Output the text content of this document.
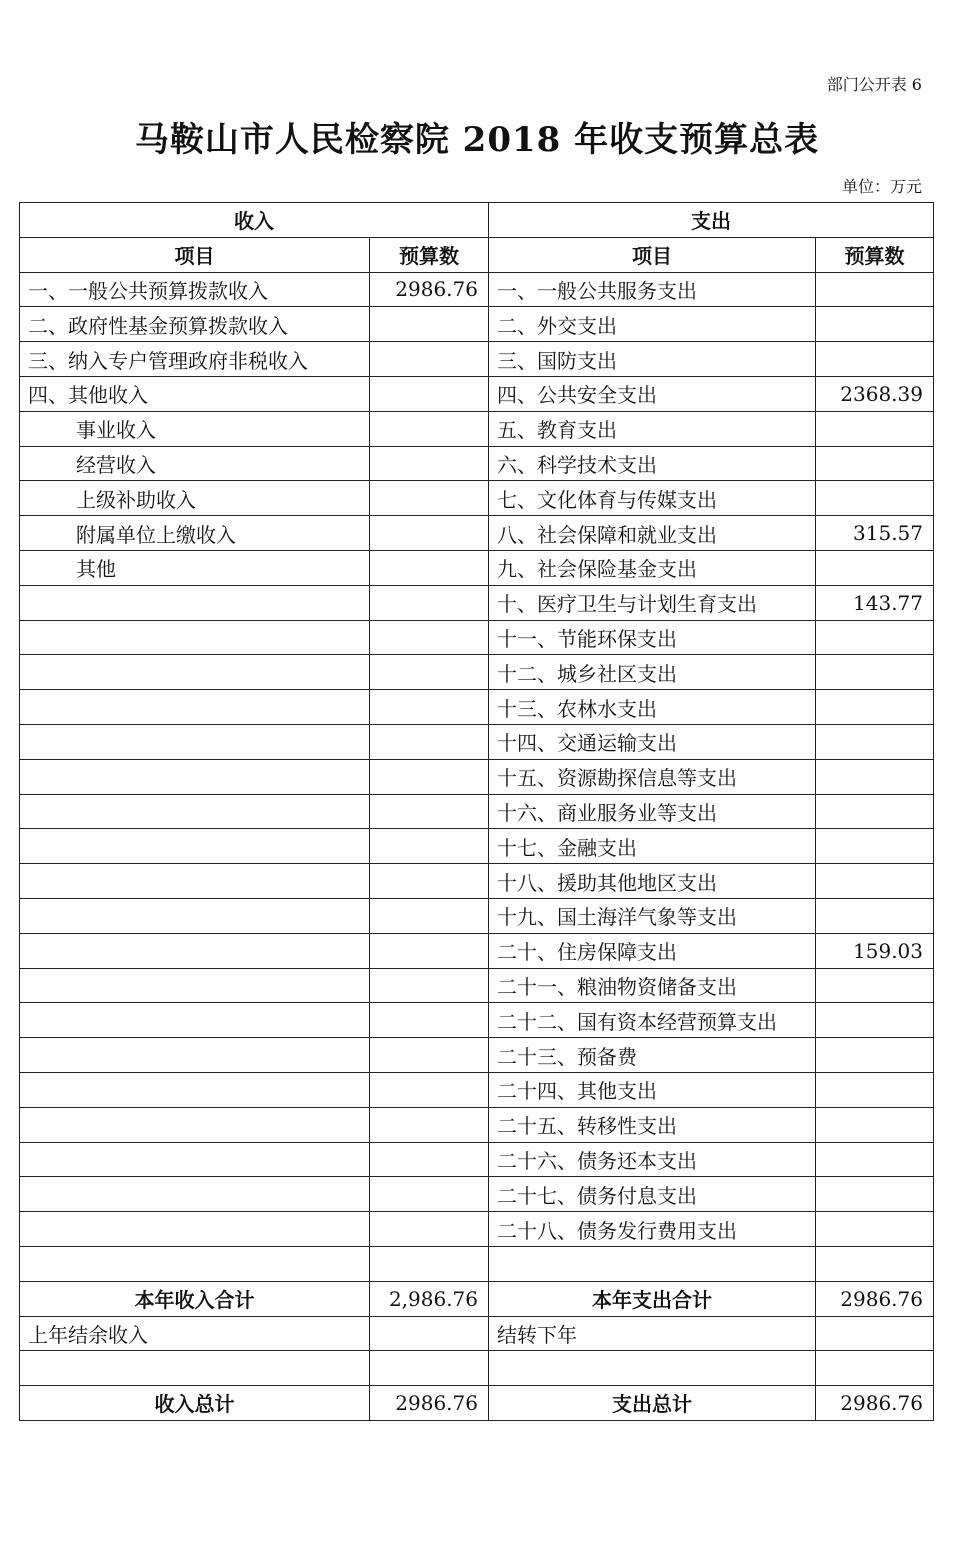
部门公开表 6
马鞍山市人民检察院 2018 年收支预算总表
单位：万元
收入		支出	
项目	预算数	项目	预算数
一、一般公共预算拨款收入	2986.76	一、一般公共服务支出	
二、政府性基金预算拨款收入		二、外交支出	
三、纳入专户管理政府非税收入		三、国防支出	
四、其他收入		四、公共安全支出	2368.39
事业收入		五、教育支出	
经营收入		六、科学技术支出	
上级补助收入		七、文化体育与传媒支出	
附属单位上缴收入		八、社会保障和就业支出	315.57
其他		九、社会保险基金支出	
		十、医疗卫生与计划生育支出	143.77
		十一、节能环保支出	
		十二、城乡社区支出	
		十三、农林水支出	
		十四、交通运输支出	
		十五、资源勘探信息等支出	
		十六、商业服务业等支出	
		十七、金融支出	
		十八、援助其他地区支出	
		十九、国土海洋气象等支出	
		二十、住房保障支出	159.03
		二十一、粮油物资储备支出	
		二十二、国有资本经营预算支出	
		二十三、预备费	
		二十四、其他支出	
		二十五、转移性支出	
		二十六、债务还本支出	
		二十七、债务付息支出	
		二十八、债务发行费用支出	

本年收入合计	2,986.76	本年支出合计	2986.76
上年结余收入		结转下年	

收入总计	2986.76	支出总计	2986.76
